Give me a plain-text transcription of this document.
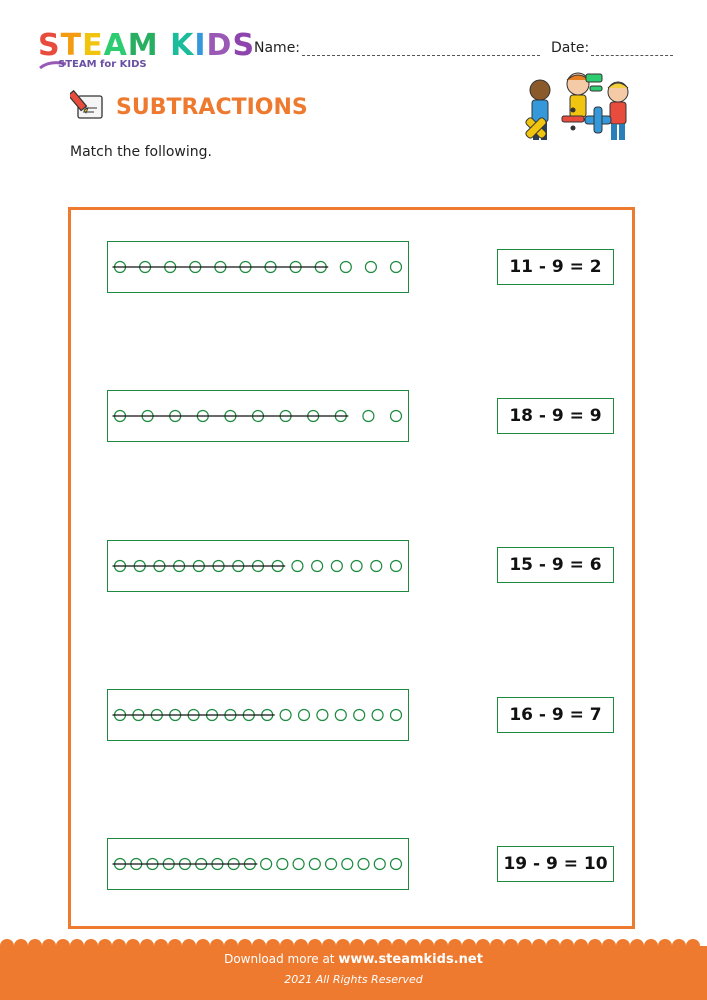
STEAM KIDS
STEAM for KIDS
Name:	Date:
SUBTRACTIONS
Match the following.
11 - 9 = 2
18 - 9 = 9
15 - 9 = 6
16 - 9 = 7
19 - 9 = 10
Download more at www.steamkids.net
2021 All Rights Reserved
